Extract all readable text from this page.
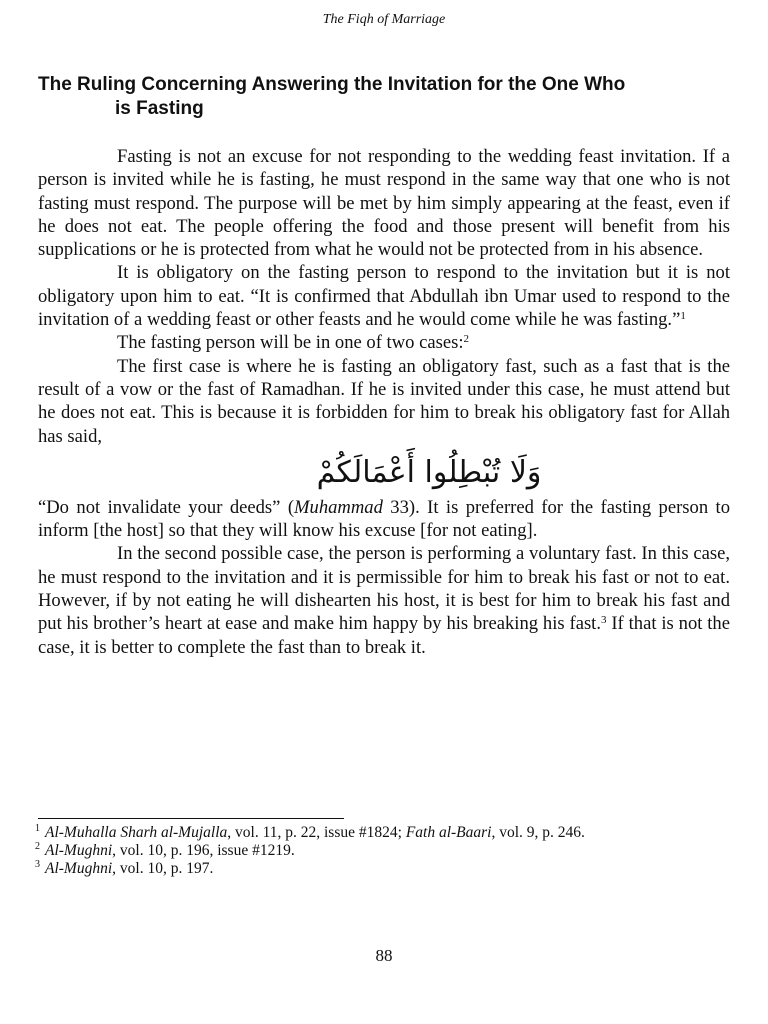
The Fiqh of Marriage
The Ruling Concerning Answering the Invitation for the One Who
is Fasting

Fasting is not an excuse for not responding to the wedding feast invitation. If a person is invited while he is fasting, he must respond in the same way that one who is not fasting must respond. The purpose will be met by him simply appearing at the feast, even if he does not eat. The people offering the food and those present will benefit from his supplications or he is protected from what he would not be protected from in his absence.

It is obligatory on the fasting person to respond to the invitation but it is not obligatory upon him to eat. “It is confirmed that Abdullah ibn Umar used to respond to the invitation of a wedding feast or other feasts and he would come while he was fasting.”$^1$

The fasting person will be in one of two cases:$^2$

The first case is where he is fasting an obligatory fast, such as a fast that is the result of a vow or the fast of Ramadhan. If he is invited under this case, he must attend but he does not eat. This is because it is forbidden for him to break his obligatory fast for Allah has said,

وَلَا تُبْطِلُوا أَعْمَالَكُمْ

“Do not invalidate your deeds” (Muhammad 33). It is preferred for the fasting person to inform [the host] so that they will know his excuse [for not eating].

In the second possible case, the person is performing a voluntary fast. In this case, he must respond to the invitation and it is permissible for him to break his fast or not to eat. However, if by not eating he will dishearten his host, it is best for him to break his fast and put his brother’s heart at ease and make him happy by his breaking his fast.$^3$ If that is not the case, it is better to complete the fast than to break it.

1 Al-Muhalla Sharh al-Mujalla, vol. 11, p. 22, issue #1824; Fath al-Baari, vol. 9, p. 246.

2 Al-Mughni, vol. 10, p. 196, issue #1219.

3 Al-Mughni, vol. 10, p. 197.

88
